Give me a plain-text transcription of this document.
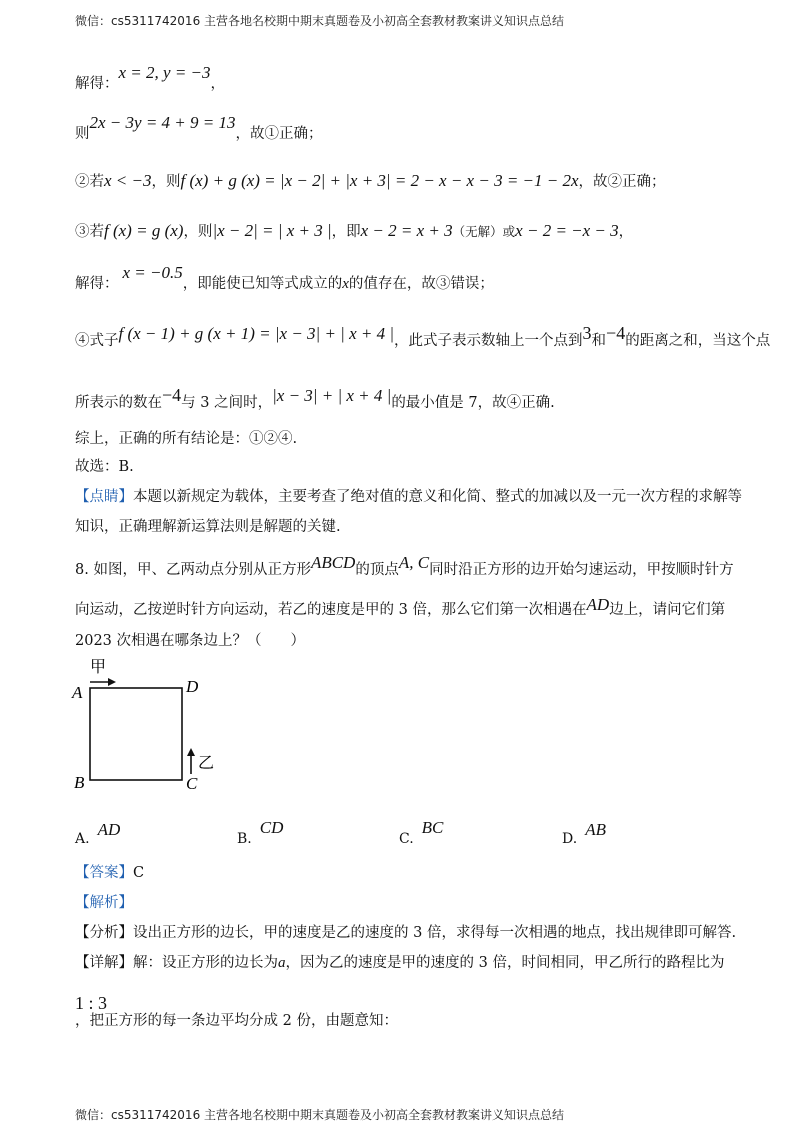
微信：cs5311742016 主营各地名校期中期末真题卷及小初高全套教材教案讲义知识点总结
解得：x = 2, y = −3，
则2x − 3y = 4 + 9 = 13，故①正确；
②若x < −3，则f (x) + g (x) = |x − 2| + |x + 3| = 2 − x − x − 3 = −1 − 2x，故②正确；
③若f (x) = g (x)，则|x − 2| = | x + 3 |，即x − 2 = x + 3（无解）或x − 2 = −x − 3，
解得：x = −0.5，即能使已知等式成立的x的值存在，故③错误；
④式子f (x − 1) + g (x + 1) = |x − 3| + | x + 4 |，此式子表示数轴上一个点到3和−4的距离之和，当这个点
所表示的数在−4与 3 之间时，|x − 3| + | x + 4 |的最小值是 7，故④正确.
综上，正确的所有结论是：①②④.
故选：B.
【点睛】本题以新规定为载体，主要考查了绝对值的意义和化简、整式的加减以及一元一次方程的求解等
知识，正确理解新运算法则是解题的关键.
8. 如图，甲、乙两动点分别从正方形ABCD的顶点A, C同时沿正方形的边开始匀速运动，甲按顺时针方
向运动，乙按逆时针方向运动，若乙的速度是甲的 3 倍，那么它们第一次相遇在AD边上，请问它们第
2023 次相遇在哪条边上？（　　）
甲
A	D
B	C
乙
A. AD	B.CD
C.BC
D. AB
【答案】C
【解析】
【分析】设出正方形的边长，甲的速度是乙的速度的 3 倍，求得每一次相遇的地点，找出规律即可解答.
【详解】解：设正方形的边长为a，因为乙的速度是甲的速度的 3 倍，时间相同，甲乙所行的路程比为
1 : 3
，把正方形的每一条边平均分成 2 份，由题意知：
微信：cs5311742016 主营各地名校期中期末真题卷及小初高全套教材教案讲义知识点总结
